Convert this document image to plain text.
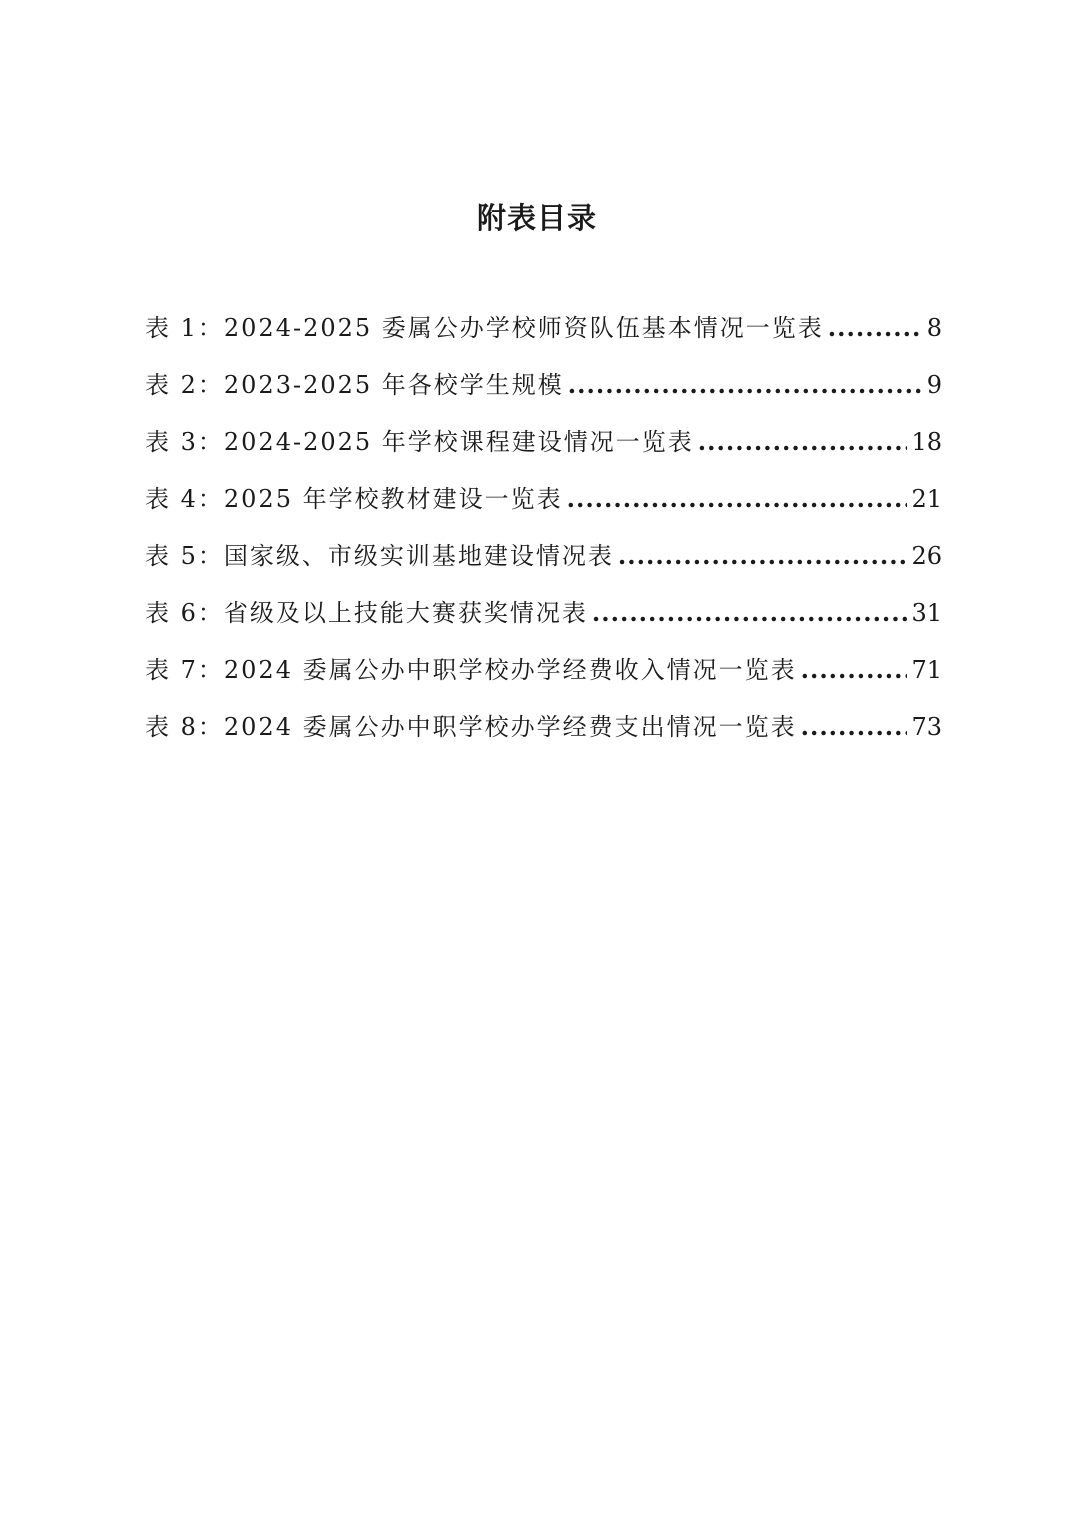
附表目录
表 1：2024-2025 委属公办学校师资队伍基本情况一览表 .....	8
表 2：2023-2025 年各校学生规模 .....	9
表 3：2024-2025 年学校课程建设情况一览表 .....	18
表 4：2025 年学校教材建设一览表 .....	21
表 5：国家级、市级实训基地建设情况表 .....	26
表 6：省级及以上技能大赛获奖情况表 .....	31
表 7：2024 委属公办中职学校办学经费收入情况一览表 .....	71
表 8：2024 委属公办中职学校办学经费支出情况一览表 .....	73
